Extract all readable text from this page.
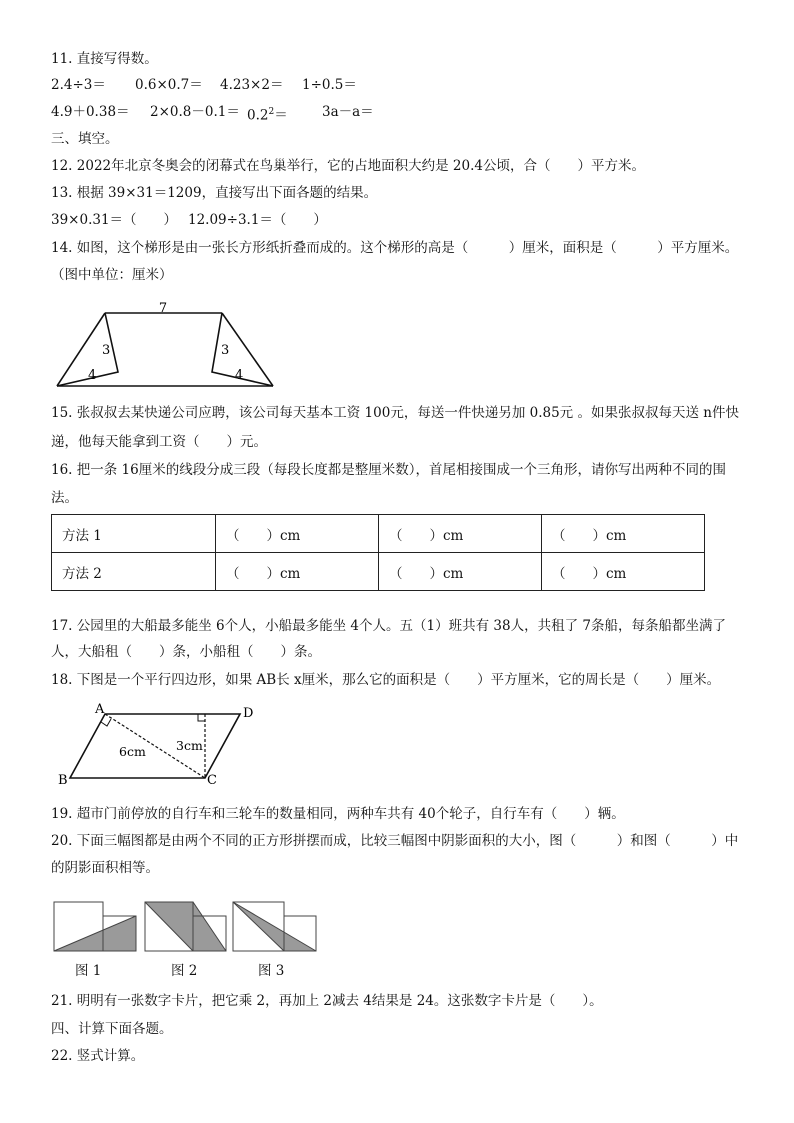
11. 直接写得数。
2.4÷3＝ 0.6×0.7＝ 4.23×2＝ 1÷0.5＝
$4.9+0.38= 2\times 0.8-0.1= 0.2^2=$	3a－a＝
三、填空。
12. 2022年北京冬奥会的闭幕式在鸟巢举行，它的占地面积大约是 20.4公顷，合（　　）平方米。
13. 根据 39×31＝1209，直接写出下面各题的结果。
39×0.31＝（　　） 12.09÷3.1＝（　　）
14. 如图，这个梯形是由一张长方形纸折叠而成的。这个梯形的高是（　　　）厘米，面积是（　　　）平方厘米。
（图中单位：厘米）
7
3
4
3
4
15. 张叔叔去某快递公司应聘，该公司每天基本工资 100元，每送一件快递另加 0.85元 。如果张叔叔每天送 n件快
递，他每天能拿到工资（　　）元。
16. 把一条 16厘米的线段分成三段（每段长度都是整厘米数），首尾相接围成一个三角形，请你写出两种不同的围
法。
方法 1	（　　）cm	（　　）cm	（　　）cm
方法 2	（　　）cm	（　　）cm	（　　）cm
17. 公园里的大船最多能坐 6个人，小船最多能坐 4个人。五（1）班共有 38人，共租了 7条船，每条船都坐满了
人，大船租（　　）条，小船租（　　）条。
18. 下图是一个平行四边形，如果 AB长 x厘米，那么它的面积是（　　）平方厘米，它的周长是（　　）厘米。
A	D
B	C
6cm 3cm
19. 超市门前停放的自行车和三轮车的数量相同，两种车共有 40个轮子，自行车有（　　）辆。
20. 下面三幅图都是由两个不同的正方形拼摆而成，比较三幅图中阴影面积的大小，图（　　　）和图（　　　）中
的阴影面积相等。
图 1	图 2	图 3
21. 明明有一张数字卡片，把它乘 2，再加上 2减去 4结果是 24。这张数字卡片是（　　）。
四、计算下面各题。
22. 竖式计算。
